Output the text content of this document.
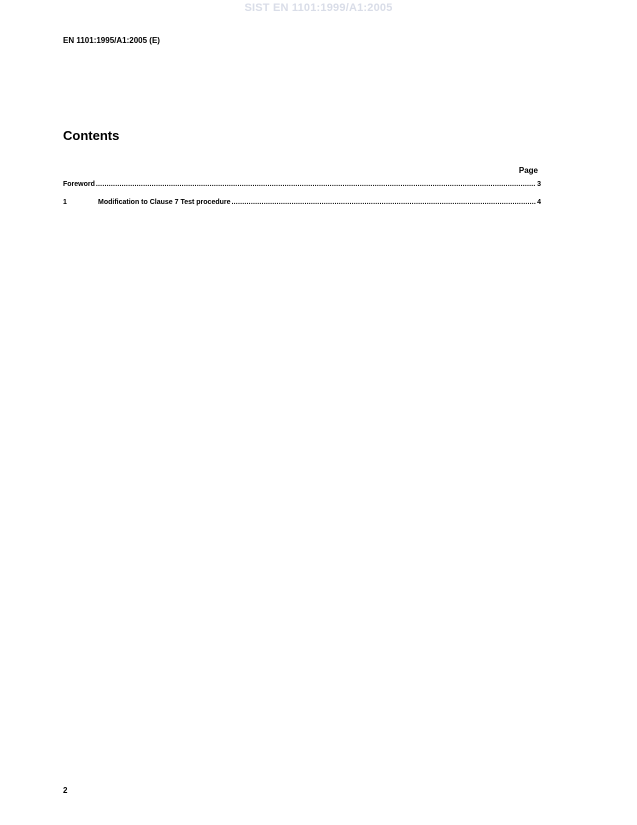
SIST EN 1101:1999/A1:2005
EN 1101:1995/A1:2005 (E)
Contents
Page
Foreword .....	3
1	Modification to Clause 7 Test procedure .....	4
2
